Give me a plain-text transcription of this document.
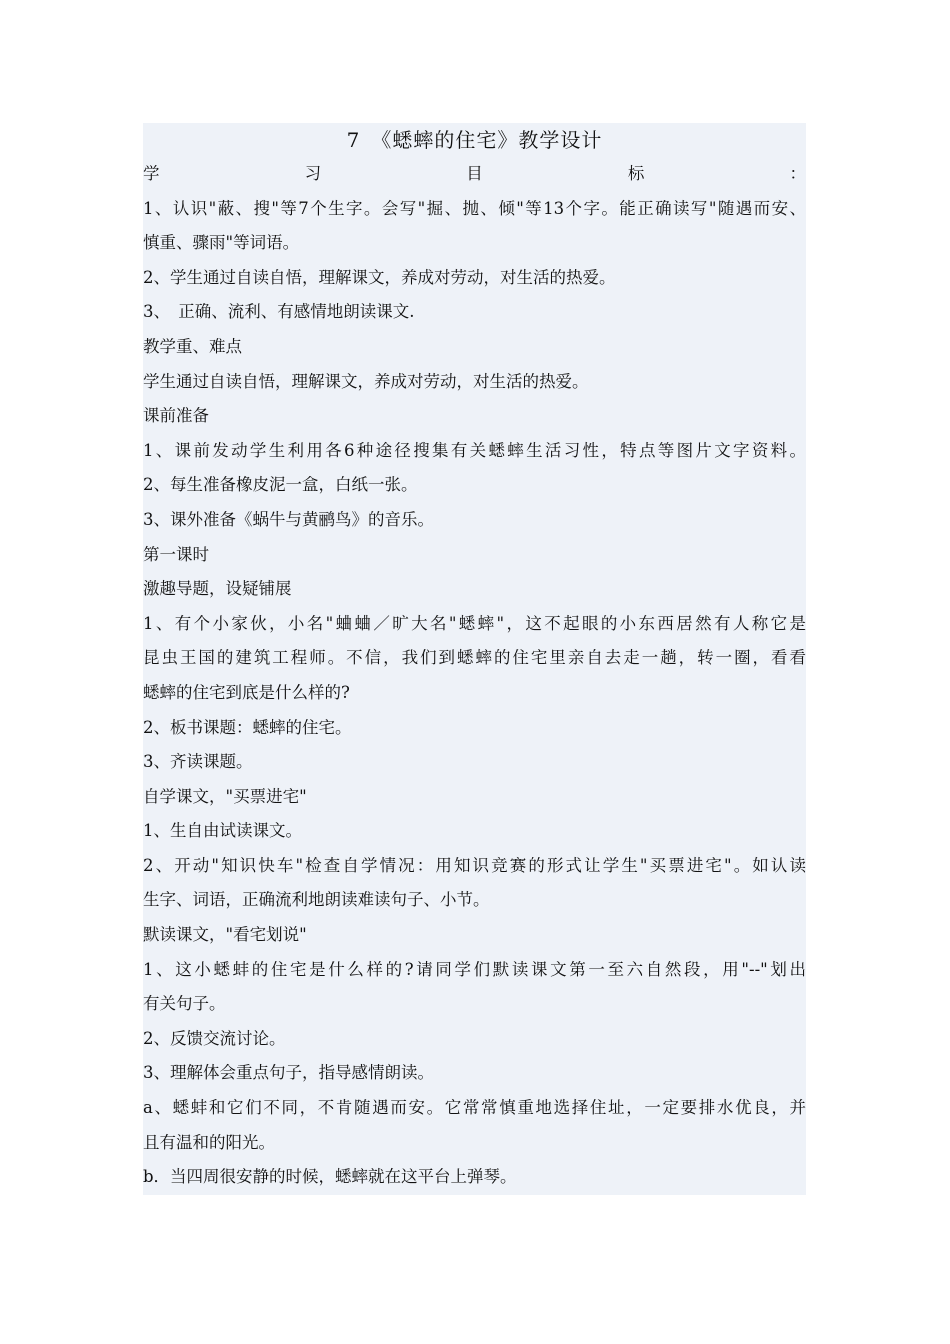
7　《蟋蟀的住宅》教学设计
学习目标：
1、认识"蔽、搜"等7个生字。会写"掘、抛、倾"等13个字。能正确读写"随遇而安、
慎重、骤雨"等词语。
2、学生通过自读自悟，理解课文，养成对劳动，对生活的热爱。
3、　正确、流利、有感情地朗读课文.
教学重、难点
学生通过自读自悟，理解课文，养成对劳动，对生活的热爱。
课前准备
1、课前发动学生利用各6种途径搜集有关蟋蟀生活习性，特点等图片文字资料。
2、每生准备橡皮泥一盒，白纸一张。
3、课外准备《蜗牛与黄鹂鸟》的音乐。
第一课时
激趣导题，设疑铺展
1、有个小家伙，小名"蛐蛐／旷大名"蟋蟀"，这不起眼的小东西居然有人称它是
昆虫王国的建筑工程师。不信，我们到蟋蟀的住宅里亲自去走一趟，转一圈，看看
蟋蟀的住宅到底是什么样的?
2、板书课题：蟋蟀的住宅。
3、齐读课题。
自学课文，"买票进宅"
1、生自由试读课文。
2、开动"知识快车"检查自学情况：用知识竞赛的形式让学生"买票进宅"。如认读
生字、词语，正确流利地朗读难读句子、小节。
默读课文，"看宅划说"
1、这小蟋蚌的住宅是什么样的?请同学们默读课文第一至六自然段，用"--"划出
有关句子。
2、反馈交流讨论。
3、理解体会重点句子，指导感情朗读。
a、蟋蚌和它们不同，不肯随遇而安。它常常慎重地选择住址，一定要排水优良，并
且有温和的阳光。
b．当四周很安静的时候，蟋蟀就在这平台上弹琴。
